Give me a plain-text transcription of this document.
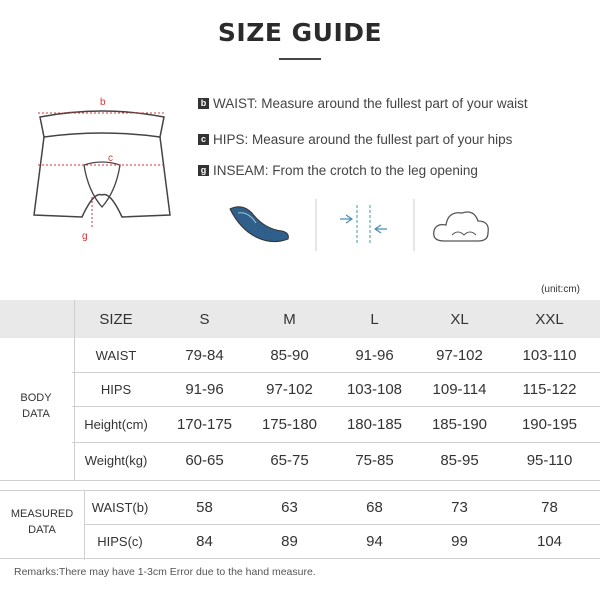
SIZE GUIDE
b
c
g
b WAIST: Measure around the fullest part of your waist
c HIPS: Measure around the fullest part of your hips
g INSEAM: From the crotch to the leg opening
(unit:cm)
SIZE	S	M	L	XL	XXL
BODY DATA
WAIST	79-84	85-90	91-96	97-102	103-110
HIPS	91-96	97-102	103-108	109-114	115-122
Height(cm)	170-175	175-180	180-185	185-190	190-195
Weight(kg)	60-65	65-75	75-85	85-95	95-110
MEASURED DATA
WAIST(b)	58	63	68	73	78
HIPS(c)	84	89	94	99	104
Remarks:There may have 1-3cm Error due to the hand measure.
